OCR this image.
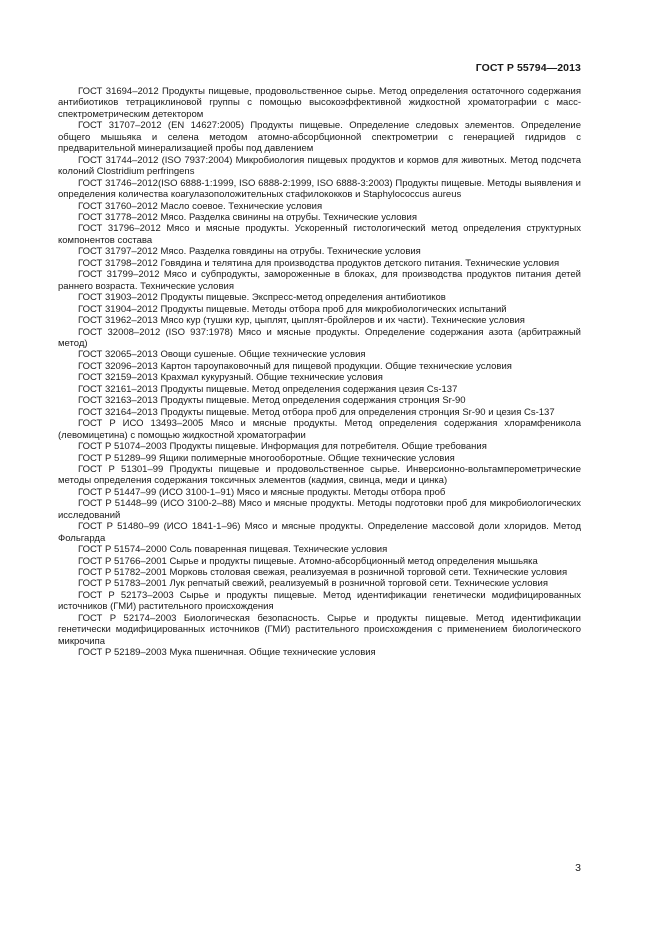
ГОСТ Р 55794—2013

ГОСТ 31694–2012 Продукты пищевые, продовольственное сырье. Метод определения остаточного содержания антибиотиков тетрациклиновой группы с помощью высокоэффективной жидкостной хроматографии с масс-спектрометрическим детектором

ГОСТ 31707–2012 (EN 14627:2005) Продукты пищевые. Определение следовых элементов. Определение общего мышьяка и селена методом атомно-абсорбционной спектрометрии с генерацией гидридов с предварительной минерализацией пробы под давлением

ГОСТ 31744–2012 (ISO 7937:2004) Микробиология пищевых продуктов и кормов для животных. Метод подсчета колоний Clostridium perfringens

ГОСТ 31746–2012(ISO 6888-1:1999, ISO 6888-2:1999, ISO 6888-3:2003) Продукты пищевые. Методы выявления и определения количества коагулазоположительных стафилококков и Staphylococcus aureus

ГОСТ 31760–2012 Масло соевое. Технические условия

ГОСТ 31778–2012 Мясо. Разделка свинины на отрубы. Технические условия

ГОСТ 31796–2012 Мясо и мясные продукты. Ускоренный гистологический метод определения структурных компонентов состава

ГОСТ 31797–2012 Мясо. Разделка говядины на отрубы. Технические условия

ГОСТ 31798–2012 Говядина и телятина для производства продуктов детского питания. Технические условия

ГОСТ 31799–2012 Мясо и субпродукты, замороженные в блоках, для производства продуктов питания детей раннего возраста. Технические условия

ГОСТ 31903–2012 Продукты пищевые. Экспресс-метод определения антибиотиков

ГОСТ 31904–2012 Продукты пищевые. Методы отбора проб для микробиологических испытаний

ГОСТ 31962–2013 Мясо кур (тушки кур, цыплят, цыплят-бройлеров и их части). Технические условия

ГОСТ 32008–2012 (ISO 937:1978) Мясо и мясные продукты. Определение содержания азота (арбитражный метод)

ГОСТ 32065–2013 Овощи сушеные. Общие технические условия

ГОСТ 32096–2013 Картон тароупаковочный для пищевой продукции. Общие технические условия

ГОСТ 32159–2013 Крахмал кукурузный. Общие технические условия

ГОСТ 32161–2013 Продукты пищевые. Метод определения содержания цезия Cs-137

ГОСТ 32163–2013 Продукты пищевые. Метод определения содержания стронция Sr-90

ГОСТ 32164–2013 Продукты пищевые. Метод отбора проб для определения стронция Sr-90 и цезия Cs-137

ГОСТ Р ИСО 13493–2005 Мясо и мясные продукты. Метод определения содержания хлорамфеникола (левомицетина) с помощью жидкостной хроматографии

ГОСТ Р 51074–2003 Продукты пищевые. Информация для потребителя. Общие требования

ГОСТ Р 51289–99 Ящики полимерные многооборотные. Общие технические условия

ГОСТ Р 51301–99 Продукты пищевые и продовольственное сырье. Инверсионно-вольтамперометрические методы определения содержания токсичных элементов (кадмия, свинца, меди и цинка)

ГОСТ Р 51447–99 (ИСО 3100-1–91) Мясо и мясные продукты. Методы отбора проб

ГОСТ Р 51448–99 (ИСО 3100-2–88) Мясо и мясные продукты. Методы подготовки проб для микробиологических исследований

ГОСТ Р 51480–99 (ИСО 1841-1–96) Мясо и мясные продукты. Определение массовой доли хлоридов. Метод Фольгарда

ГОСТ Р 51574–2000 Соль поваренная пищевая. Технические условия

ГОСТ Р 51766–2001 Сырье и продукты пищевые. Атомно-абсорбционный метод определения мышьяка

ГОСТ Р 51782–2001 Морковь столовая свежая, реализуемая в розничной торговой сети. Технические условия

ГОСТ Р 51783–2001 Лук репчатый свежий, реализуемый в розничной торговой сети. Технические условия

ГОСТ Р 52173–2003 Сырье и продукты пищевые. Метод идентификации генетически модифицированных источников (ГМИ) растительного происхождения

ГОСТ Р 52174–2003 Биологическая безопасность. Сырье и продукты пищевые. Метод идентификации генетически модифицированных источников (ГМИ) растительного происхождения с применением биологического микрочипа

ГОСТ Р 52189–2003 Мука пшеничная. Общие технические условия

3
